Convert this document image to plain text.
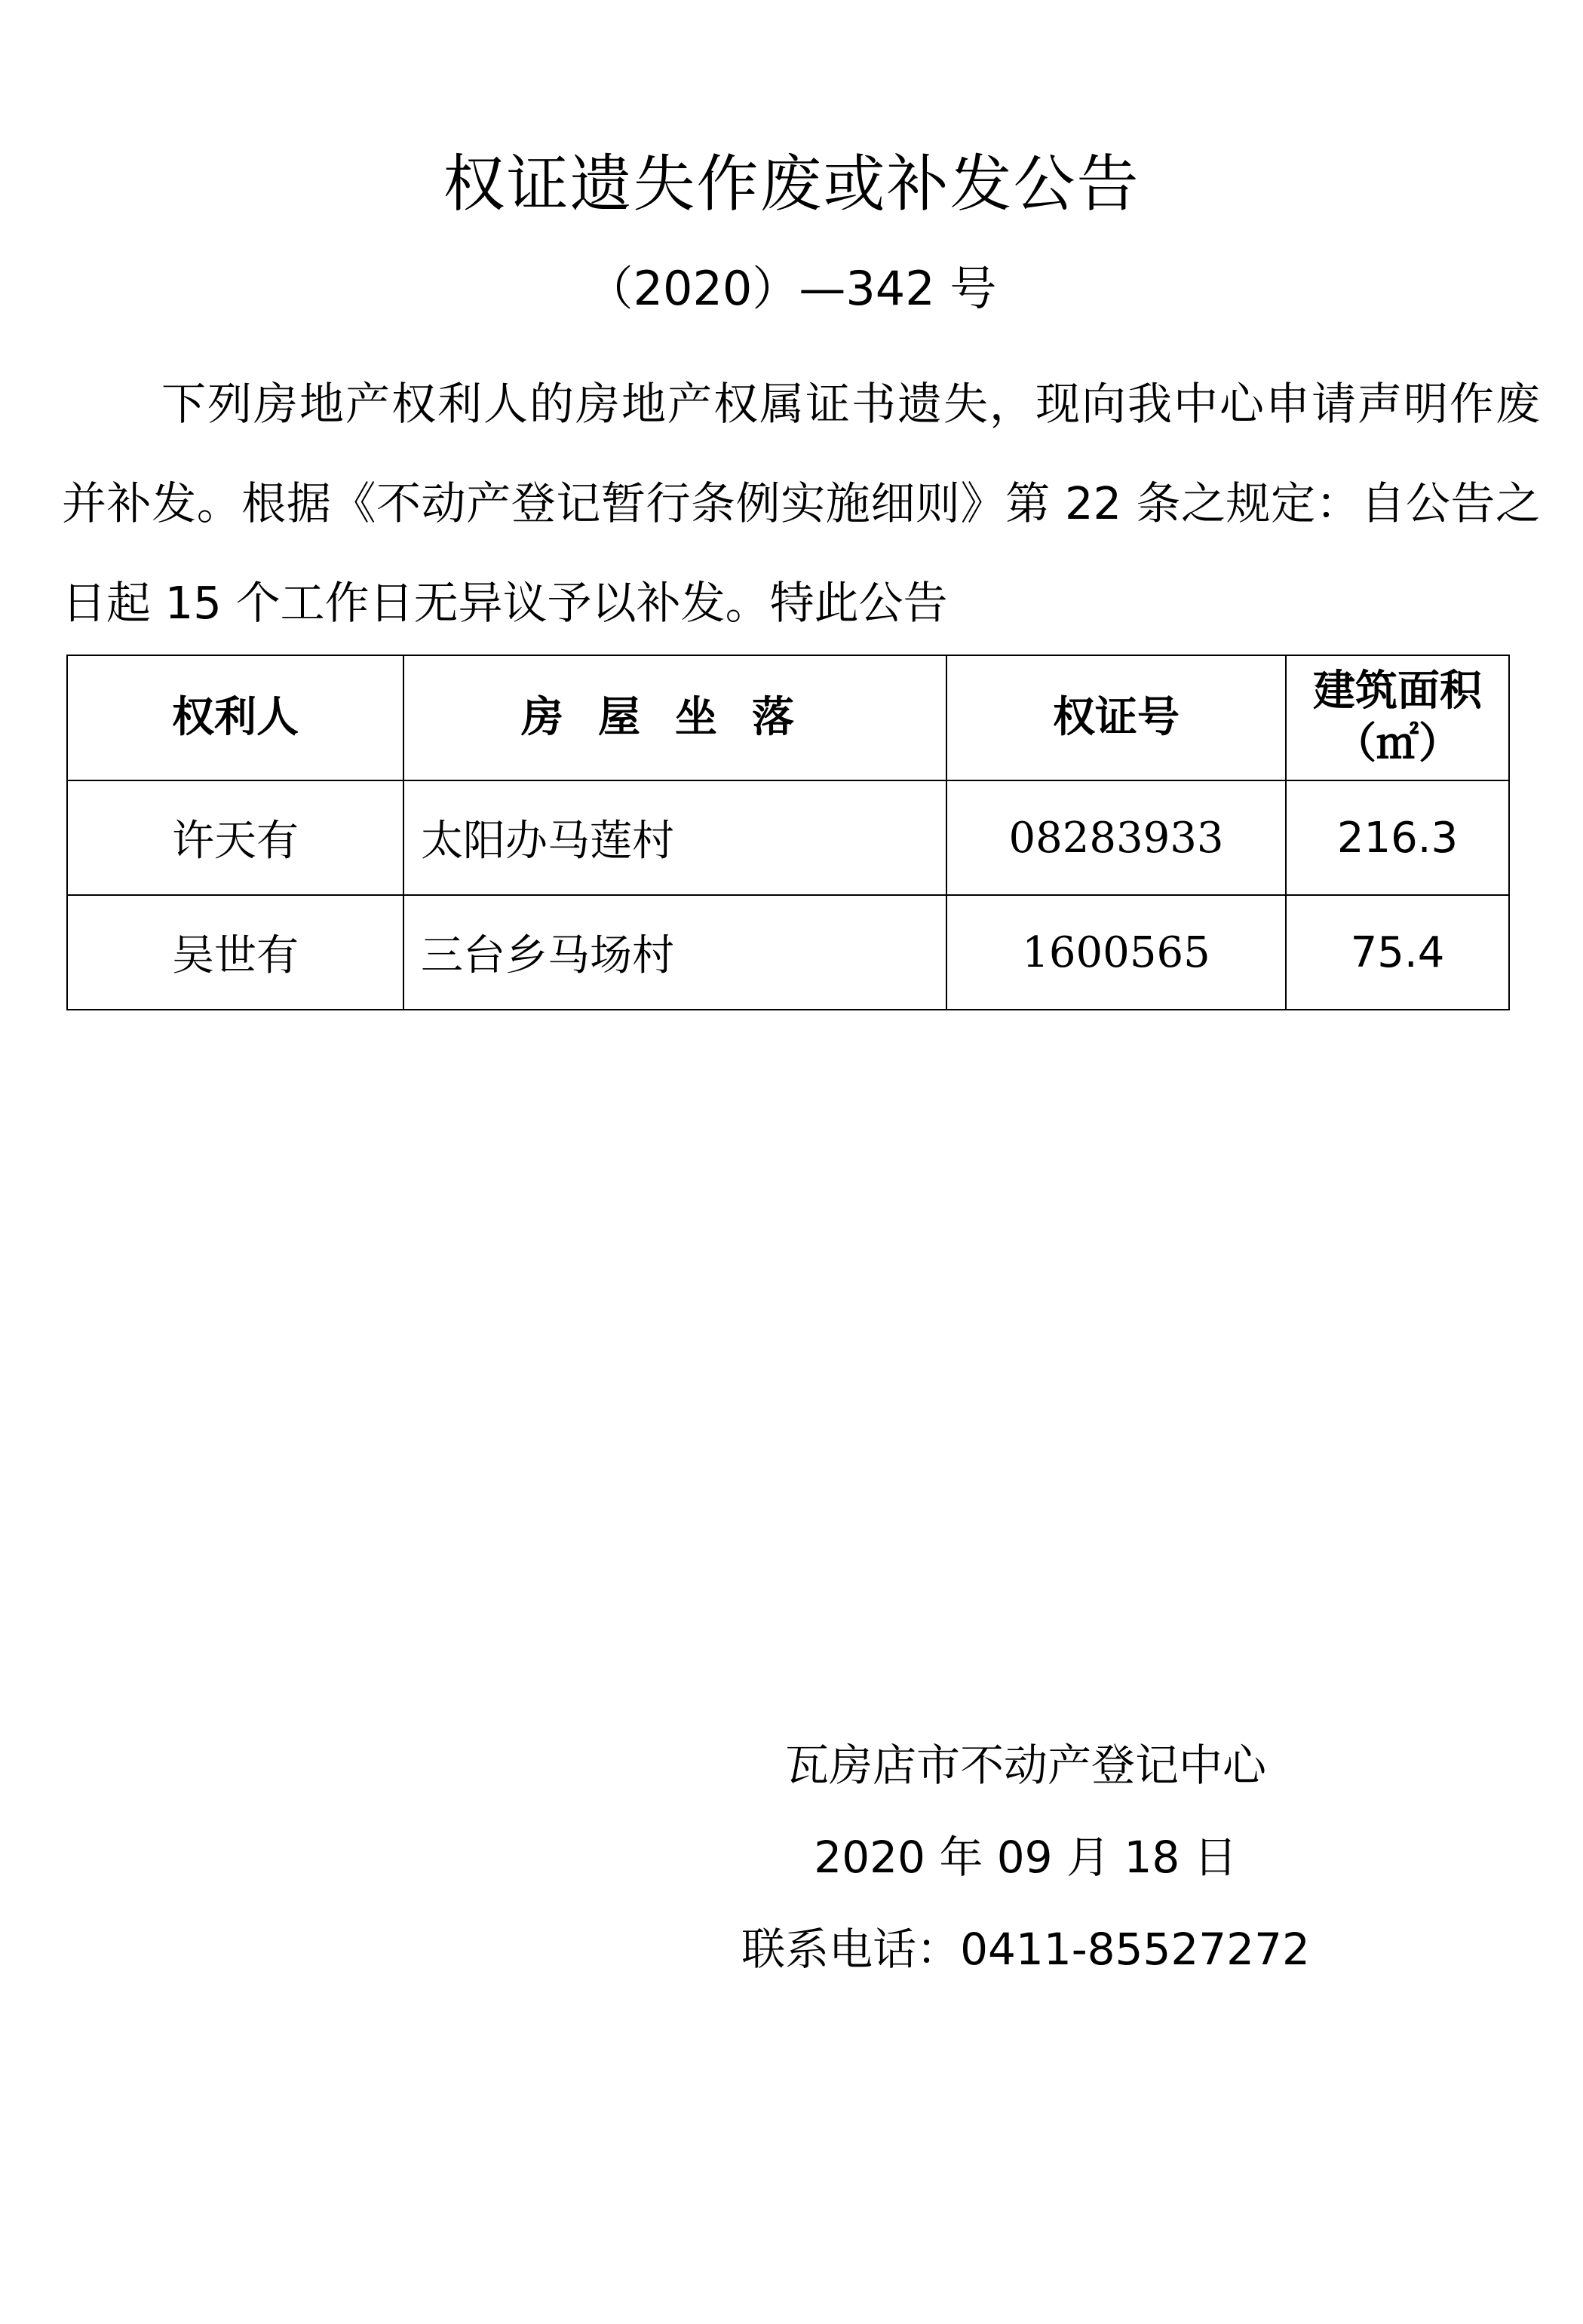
权证遗失作废或补发公告
（2020）—342 号

下列房地产权利人的房地产权属证书遗失，现向我中心申请声明作废并补发。根据《不动产登记暂行条例实施细则》第 22 条之规定：自公告之日起 15 个工作日无异议予以补发。特此公告

权利人	房屋坐落	权证号	建筑面积
（㎡）

许天有	太阳办马莲村	08283933	216.3
吴世有	三台乡马场村	1600565	75.4
瓦房店市不动产登记中心
2020 年 09 月 18 日
联系电话：0411-85527272
